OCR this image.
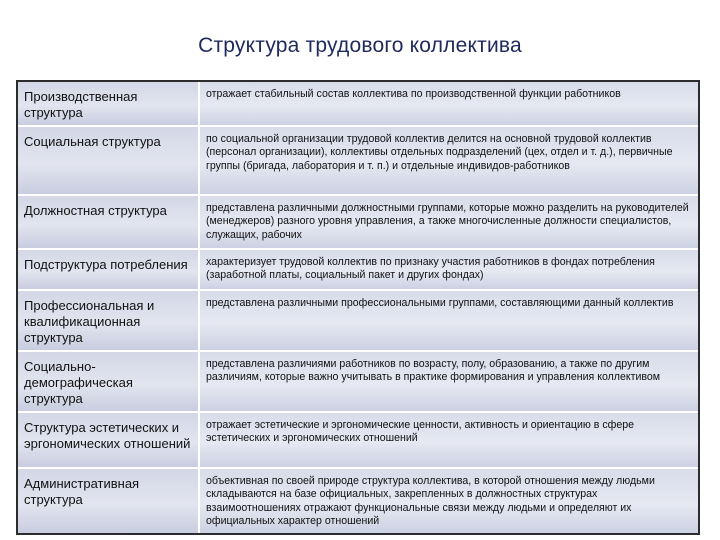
Структура трудового коллектива
Производственная структура	отражает стабильный состав коллектива по производственной функции работников

Социальная структура	по социальной организации трудовой коллектив делится на основной трудовой коллектив (персонал организации), коллективы отдельных подразделений (цех, отдел и т. д.), первичные группы (бригада, лаборатория и т. п.) и отдельные индивидов-работников

Должностная структура	представлена различными должностными группами, которые можно разделить на руководителей (менеджеров) разного уровня управления, а также многочисленные должности специалистов, служащих, рабочих

Подструктура потребления	характеризует трудовой коллектив по признаку участия работников в фондах потребления (заработной платы, социальный пакет и других фондах)

Профессиональная и квалификационная структура	представлена различными профессиональными группами, составляющими данный коллектив

Социально-демографическая структура	представлена различиями работников по возрасту, полу, образованию, а также по другим различиям, которые важно учитывать в практике формирования и управления коллективом

Структура эстетических и эргономических отношений	отражает эстетические и эргономические ценности, активность и ориентацию в сфере эстетических и эргономических отношений

Административная структура	объективная по своей природе структура коллектива, в которой отношения между людьми складываются на базе официальных, закрепленных в должностных структурах взаимоотношениях отражают функциональные связи между людьми и определяют их официальных характер отношений
